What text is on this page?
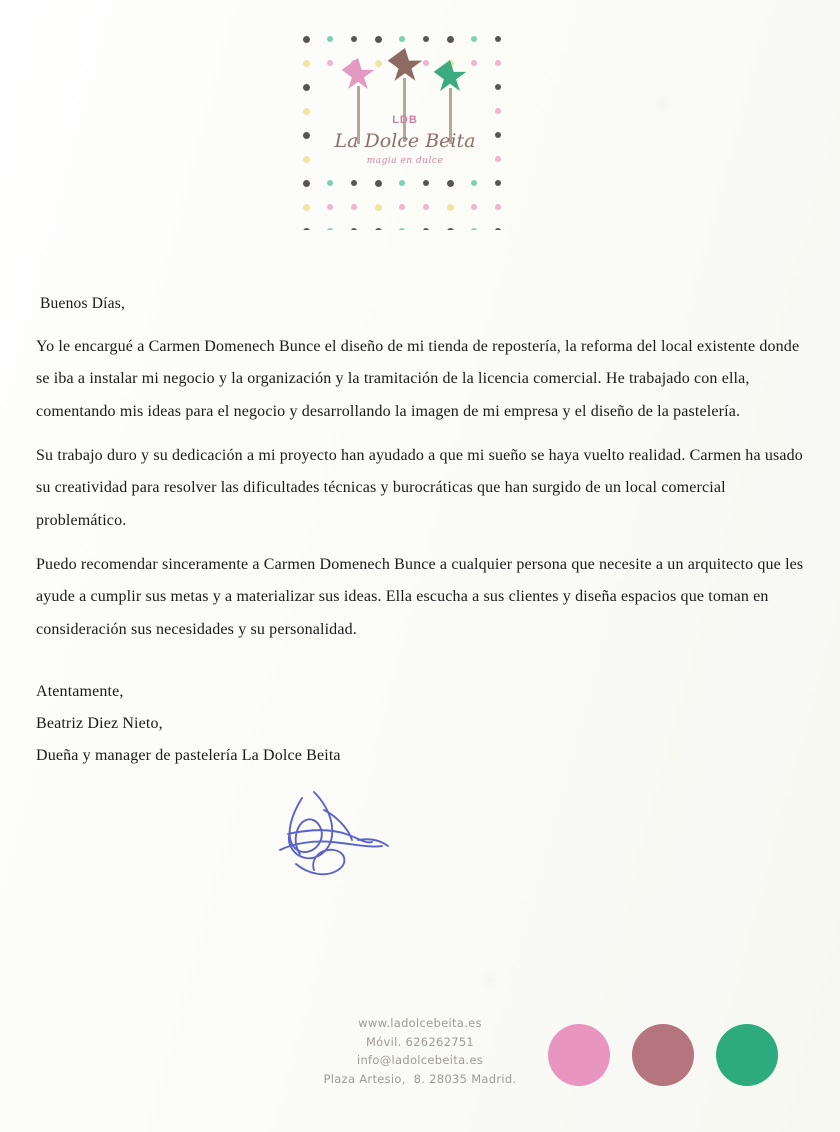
LDB
La Dolce Beita
magia en dulce

Buenos Días,

Yo le encargué a Carmen Domenech Bunce el diseño de mi tienda de repostería, la reforma del local existente donde se iba a instalar mi negocio y la organización y la tramitación de la licencia comercial. He trabajado con ella, comentando mis ideas para el negocio y desarrollando la imagen de mi empresa y el diseño de la pastelería.

Su trabajo duro y su dedicación a mi proyecto han ayudado a que mi sueño se haya vuelto realidad. Carmen ha usado su creatividad para resolver las dificultades técnicas y burocráticas que han surgido de un local comercial problemático.

Puedo recomendar sinceramente a Carmen Domenech Bunce a cualquier persona que necesite a un arquitecto que les ayude a cumplir sus metas y a materializar sus ideas. Ella escucha a sus clientes y diseña espacios que toman en consideración sus necesidades y su personalidad.

Atentamente,
Beatriz Diez Nieto,
Dueña y manager de pastelería La Dolce Beita
www.ladolcebeita.es
Móvil. 626262751
info@ladolcebeita.es
Plaza Artesio,  8. 28035 Madrid.
